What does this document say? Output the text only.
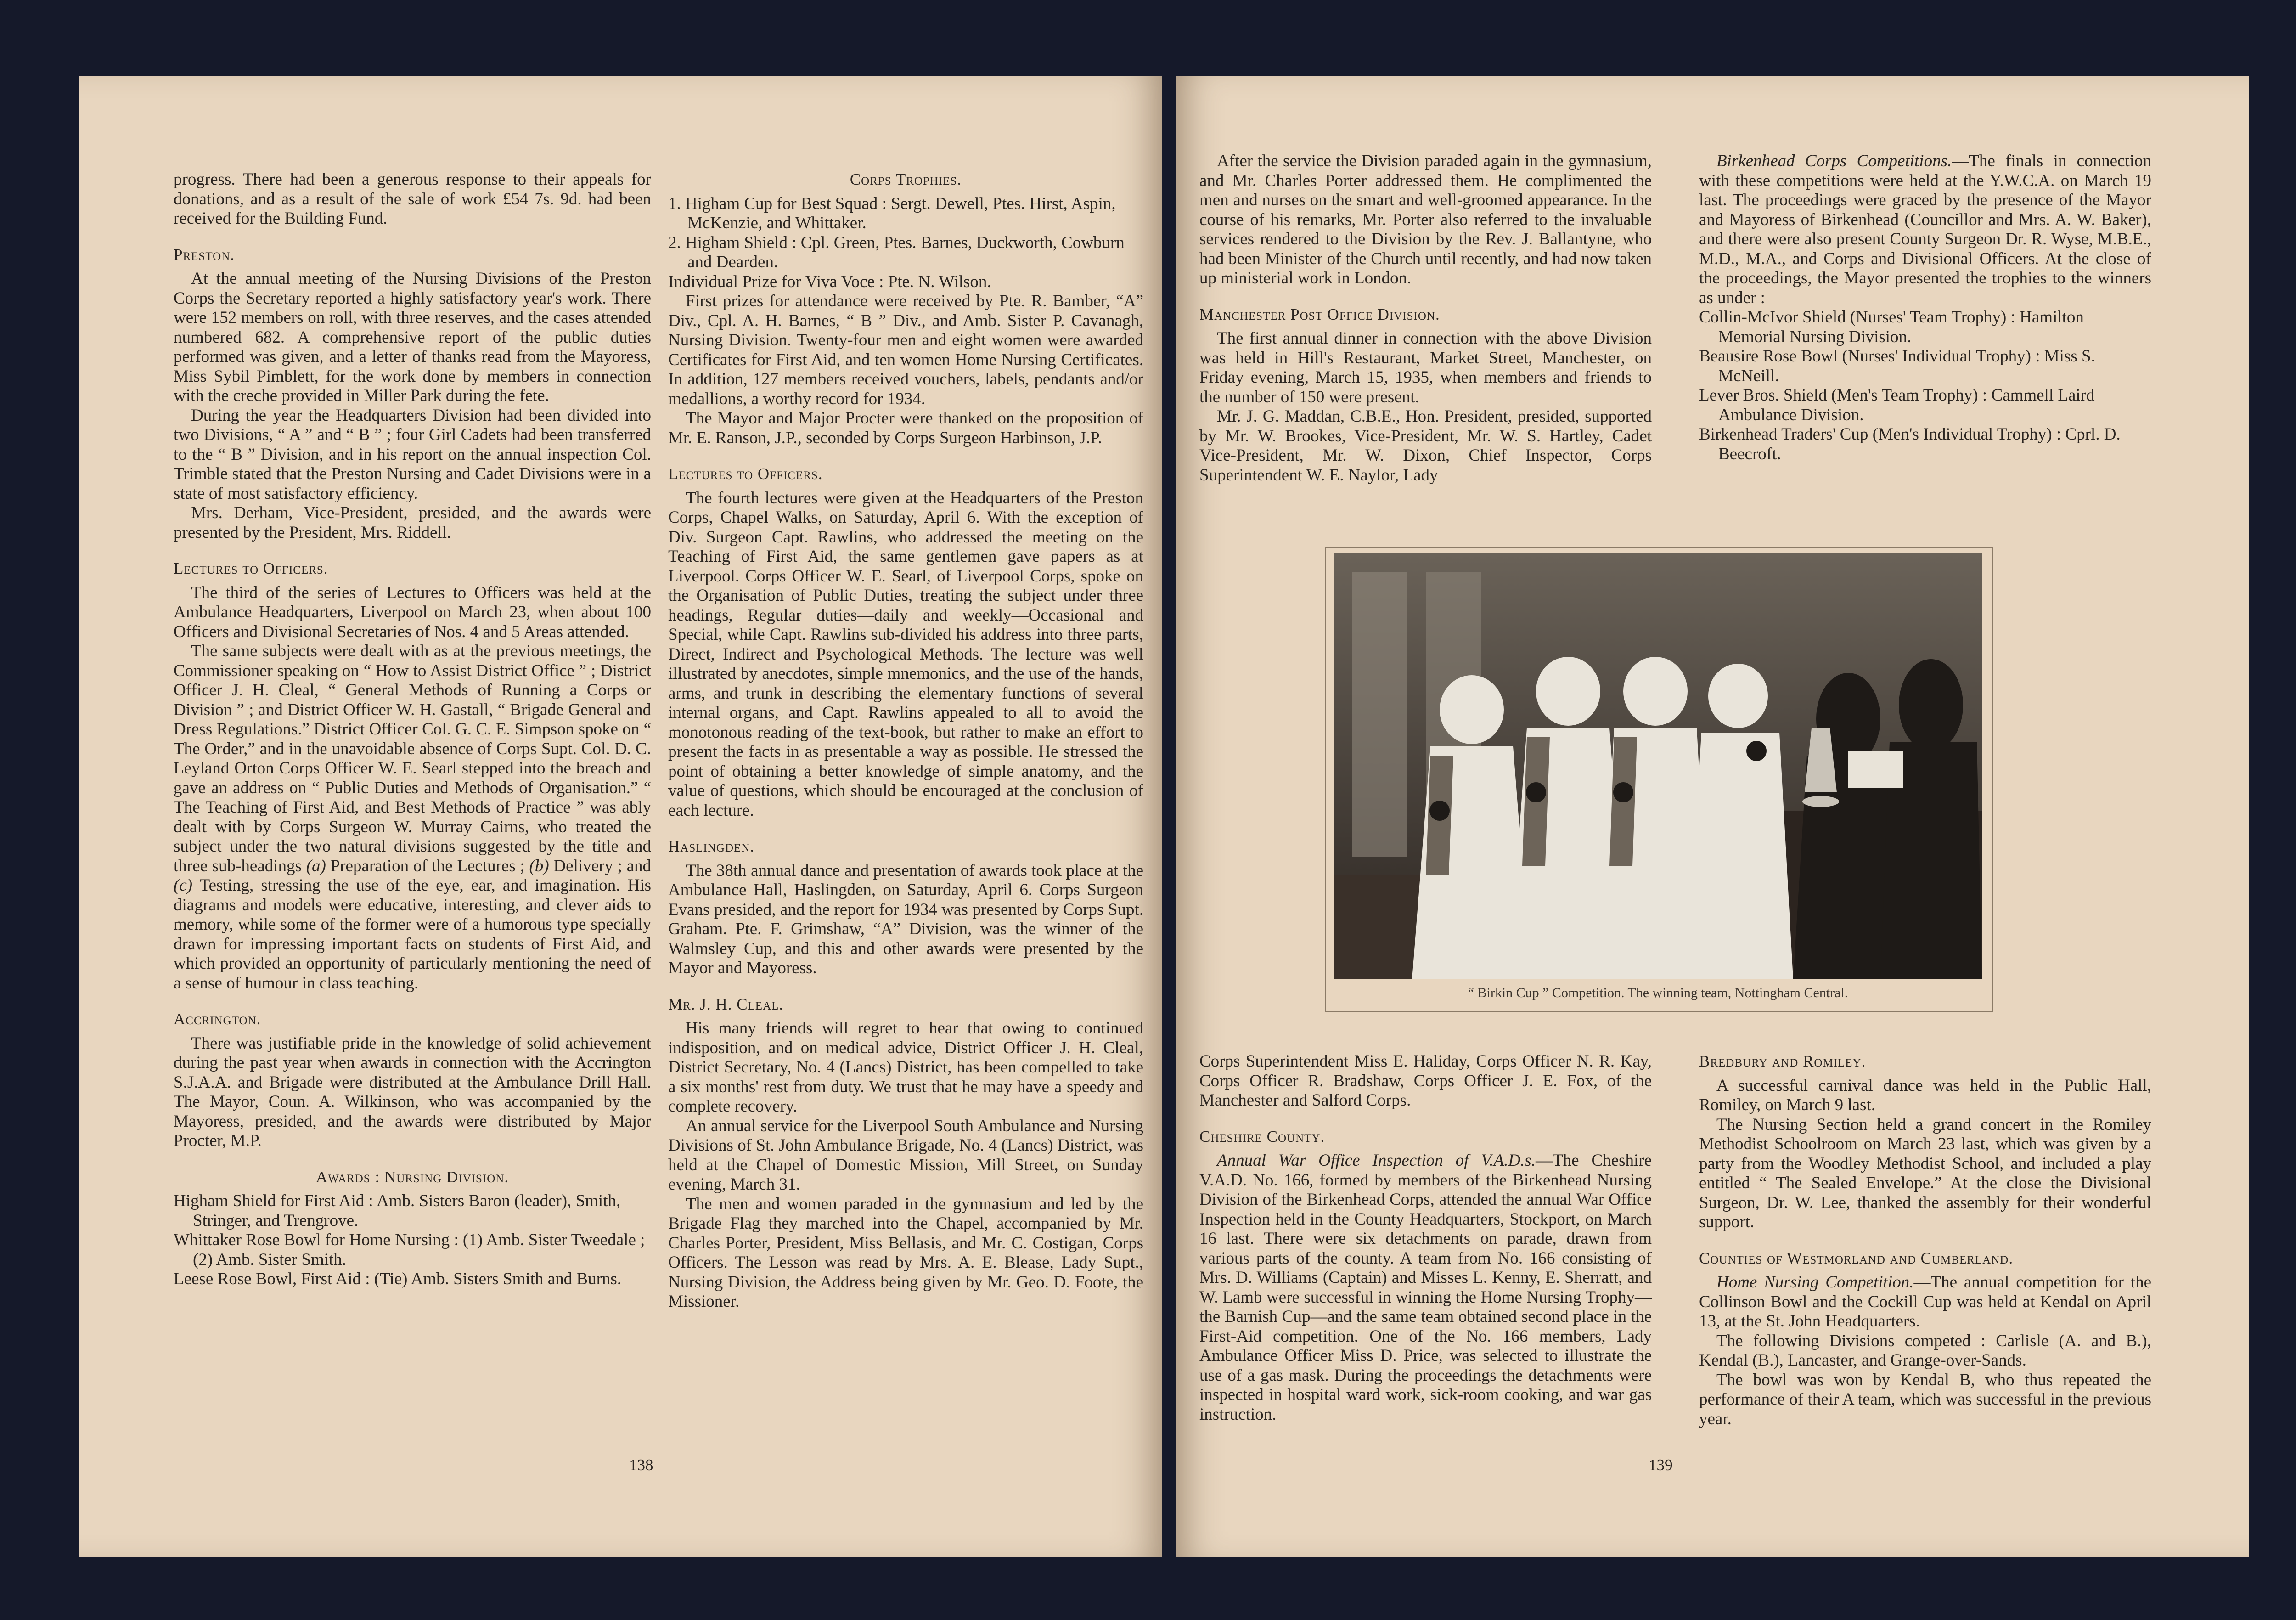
progress. There had been a generous response to their appeals for donations, and as a result of the sale of work £54 7s. 9d. had been received for the Building Fund.

Preston.

At the annual meeting of the Nursing Divisions of the Preston Corps the Secretary reported a highly satisfactory year's work. There were 152 members on roll, with three reserves, and the cases attended numbered 682. A comprehensive report of the public duties performed was given, and a letter of thanks read from the Mayoress, Miss Sybil Pimblett, for the work done by members in connection with the creche provided in Miller Park during the fete.

During the year the Headquarters Division had been divided into two Divisions, “ A ” and “ B ” ; four Girl Cadets had been transferred to the “ B ” Division, and in his report on the annual inspection Col. Trimble stated that the Preston Nursing and Cadet Divisions were in a state of most satisfactory efficiency.

Mrs. Derham, Vice-President, presided, and the awards were presented by the President, Mrs. Riddell.

Lectures to Officers.

The third of the series of Lectures to Officers was held at the Ambulance Headquarters, Liverpool on March 23, when about 100 Officers and Divisional Secretaries of Nos. 4 and 5 Areas attended.

The same subjects were dealt with as at the previous meetings, the Commissioner speaking on “ How to Assist District Office ” ; District Officer J. H. Cleal, “ General Methods of Running a Corps or Division ” ; and District Officer W. H. Gastall, “ Brigade General and Dress Regulations.” District Officer Col. G. C. E. Simpson spoke on “ The Order,” and in the unavoidable absence of Corps Supt. Col. D. C. Leyland Orton Corps Officer W. E. Searl stepped into the breach and gave an address on “ Public Duties and Methods of Organisation.” “ The Teaching of First Aid, and Best Methods of Practice ” was ably dealt with by Corps Surgeon W. Murray Cairns, who treated the subject under the two natural divisions suggested by the title and three sub-headings (a) Preparation of the Lectures ; (b) Delivery ; and (c) Testing, stressing the use of the eye, ear, and imagination. His diagrams and models were educative, interesting, and clever aids to memory, while some of the former were of a humorous type specially drawn for impressing important facts on students of First Aid, and which provided an opportunity of particularly mentioning the need of a sense of humour in class teaching.

Accrington.

There was justifiable pride in the knowledge of solid achievement during the past year when awards in connection with the Accrington S.J.A.A. and Brigade were distributed at the Ambulance Drill Hall. The Mayor, Coun. A. Wilkinson, who was accompanied by the Mayoress, presided, and the awards were distributed by Major Procter, M.P.

Awards : Nursing Division.

Higham Shield for First Aid : Amb. Sisters Baron (leader), Smith, Stringer, and Trengrove.

Whittaker Rose Bowl for Home Nursing : (1) Amb. Sister Tweedale ; (2) Amb. Sister Smith.

Leese Rose Bowl, First Aid : (Tie) Amb. Sisters Smith and Burns.

Corps Trophies.

1. Higham Cup for Best Squad : Sergt. Dewell, Ptes. Hirst, Aspin, McKenzie, and Whittaker.

2. Higham Shield : Cpl. Green, Ptes. Barnes, Duckworth, Cowburn and Dearden.

Individual Prize for Viva Voce : Pte. N. Wilson.

First prizes for attendance were received by Pte. R. Bamber, “A” Div., Cpl. A. H. Barnes, “ B ” Div., and Amb. Sister P. Cavanagh, Nursing Division. Twenty-four men and eight women were awarded Certificates for First Aid, and ten women Home Nursing Certificates. In addition, 127 members received vouchers, labels, pendants and/or medallions, a worthy record for 1934.

The Mayor and Major Procter were thanked on the proposition of Mr. E. Ranson, J.P., seconded by Corps Surgeon Harbinson, J.P.

Lectures to Officers.

The fourth lectures were given at the Headquarters of the Preston Corps, Chapel Walks, on Saturday, April 6. With the exception of Div. Surgeon Capt. Rawlins, who addressed the meeting on the Teaching of First Aid, the same gentlemen gave papers as at Liverpool. Corps Officer W. E. Searl, of Liverpool Corps, spoke on the Organisation of Public Duties, treating the subject under three headings, Regular duties—daily and weekly—Occasional and Special, while Capt. Rawlins sub-divided his address into three parts, Direct, Indirect and Psychological Methods. The lecture was well illustrated by anecdotes, simple mnemonics, and the use of the hands, arms, and trunk in describing the elementary functions of several internal organs, and Capt. Rawlins appealed to all to avoid the monotonous reading of the text-book, but rather to make an effort to present the facts in as presentable a way as possible. He stressed the point of obtaining a better knowledge of simple anatomy, and the value of questions, which should be encouraged at the conclusion of each lecture.

Haslingden.

The 38th annual dance and presentation of awards took place at the Ambulance Hall, Haslingden, on Saturday, April 6. Corps Surgeon Evans presided, and the report for 1934 was presented by Corps Supt. Graham. Pte. F. Grimshaw, “A” Division, was the winner of the Walmsley Cup, and this and other awards were presented by the Mayor and Mayoress.

Mr. J. H. Cleal.

His many friends will regret to hear that owing to continued indisposition, and on medical advice, District Officer J. H. Cleal, District Secretary, No. 4 (Lancs) District, has been compelled to take a six months' rest from duty. We trust that he may have a speedy and complete recovery.

An annual service for the Liverpool South Ambulance and Nursing Divisions of St. John Ambulance Brigade, No. 4 (Lancs) District, was held at the Chapel of Domestic Mission, Mill Street, on Sunday evening, March 31.

The men and women paraded in the gymnasium and led by the Brigade Flag they marched into the Chapel, accompanied by Mr. Charles Porter, President, Miss Bellasis, and Mr. C. Costigan, Corps Officers. The Lesson was read by Mrs. A. E. Blease, Lady Supt., Nursing Division, the Address being given by Mr. Geo. D. Foote, the Missioner.

138

After the service the Division paraded again in the gymnasium, and Mr. Charles Porter addressed them. He complimented the men and nurses on the smart and well-groomed appearance. In the course of his remarks, Mr. Porter also referred to the invaluable services rendered to the Division by the Rev. J. Ballantyne, who had been Minister of the Church until recently, and had now taken up ministerial work in London.

Manchester Post Office Division.

The first annual dinner in connection with the above Division was held in Hill's Restaurant, Market Street, Manchester, on Friday evening, March 15, 1935, when members and friends to the number of 150 were present.

Mr. J. G. Maddan, C.B.E., Hon. President, presided, supported by Mr. W. Brookes, Vice-President, Mr. W. S. Hartley, Cadet Vice-President, Mr. W. Dixon, Chief Inspector, Corps Superintendent W. E. Naylor, Lady

Birkenhead Corps Competitions.—The finals in connection with these competitions were held at the Y.W.C.A. on March 19 last. The proceedings were graced by the presence of the Mayor and Mayoress of Birkenhead (Councillor and Mrs. A. W. Baker), and there were also present County Surgeon Dr. R. Wyse, M.B.E., M.D., M.A., and Corps and Divisional Officers. At the close of the proceedings, the Mayor presented the trophies to the winners as under :

Collin-McIvor Shield (Nurses' Team Trophy) : Hamilton Memorial Nursing Division.

Beausire Rose Bowl (Nurses' Individual Trophy) : Miss S. McNeill.

Lever Bros. Shield (Men's Team Trophy) : Cammell Laird Ambulance Division.

Birkenhead Traders' Cup (Men's Individual Trophy) : Cprl. D. Beecroft.

“ Birkin Cup ” Competition. The winning team, Nottingham Central.

Corps Superintendent Miss E. Haliday, Corps Officer N. R. Kay, Corps Officer R. Bradshaw, Corps Officer J. E. Fox, of the Manchester and Salford Corps.

Cheshire County.

Annual War Office Inspection of V.A.D.s.—The Cheshire V.A.D. No. 166, formed by members of the Birkenhead Nursing Division of the Birkenhead Corps, attended the annual War Office Inspection held in the County Headquarters, Stockport, on March 16 last. There were six detachments on parade, drawn from various parts of the county. A team from No. 166 consisting of Mrs. D. Williams (Captain) and Misses L. Kenny, E. Sherratt, and W. Lamb were successful in winning the Home Nursing Trophy—the Barnish Cup—and the same team obtained second place in the First-Aid competition. One of the No. 166 members, Lady Ambulance Officer Miss D. Price, was selected to illustrate the use of a gas mask. During the proceedings the detachments were inspected in hospital ward work, sick-room cooking, and war gas instruction.

Bredbury and Romiley.

A successful carnival dance was held in the Public Hall, Romiley, on March 9 last.

The Nursing Section held a grand concert in the Romiley Methodist Schoolroom on March 23 last, which was given by a party from the Woodley Methodist School, and included a play entitled “ The Sealed Envelope.” At the close the Divisional Surgeon, Dr. W. Lee, thanked the assembly for their wonderful support.

Counties of Westmorland and Cumberland.

Home Nursing Competition.—The annual competition for the Collinson Bowl and the Cockill Cup was held at Kendal on April 13, at the St. John Headquarters.

The following Divisions competed : Carlisle (A. and B.), Kendal (B.), Lancaster, and Grange-over-Sands.

The bowl was won by Kendal B, who thus repeated the performance of their A team, which was successful in the previous year.

139
